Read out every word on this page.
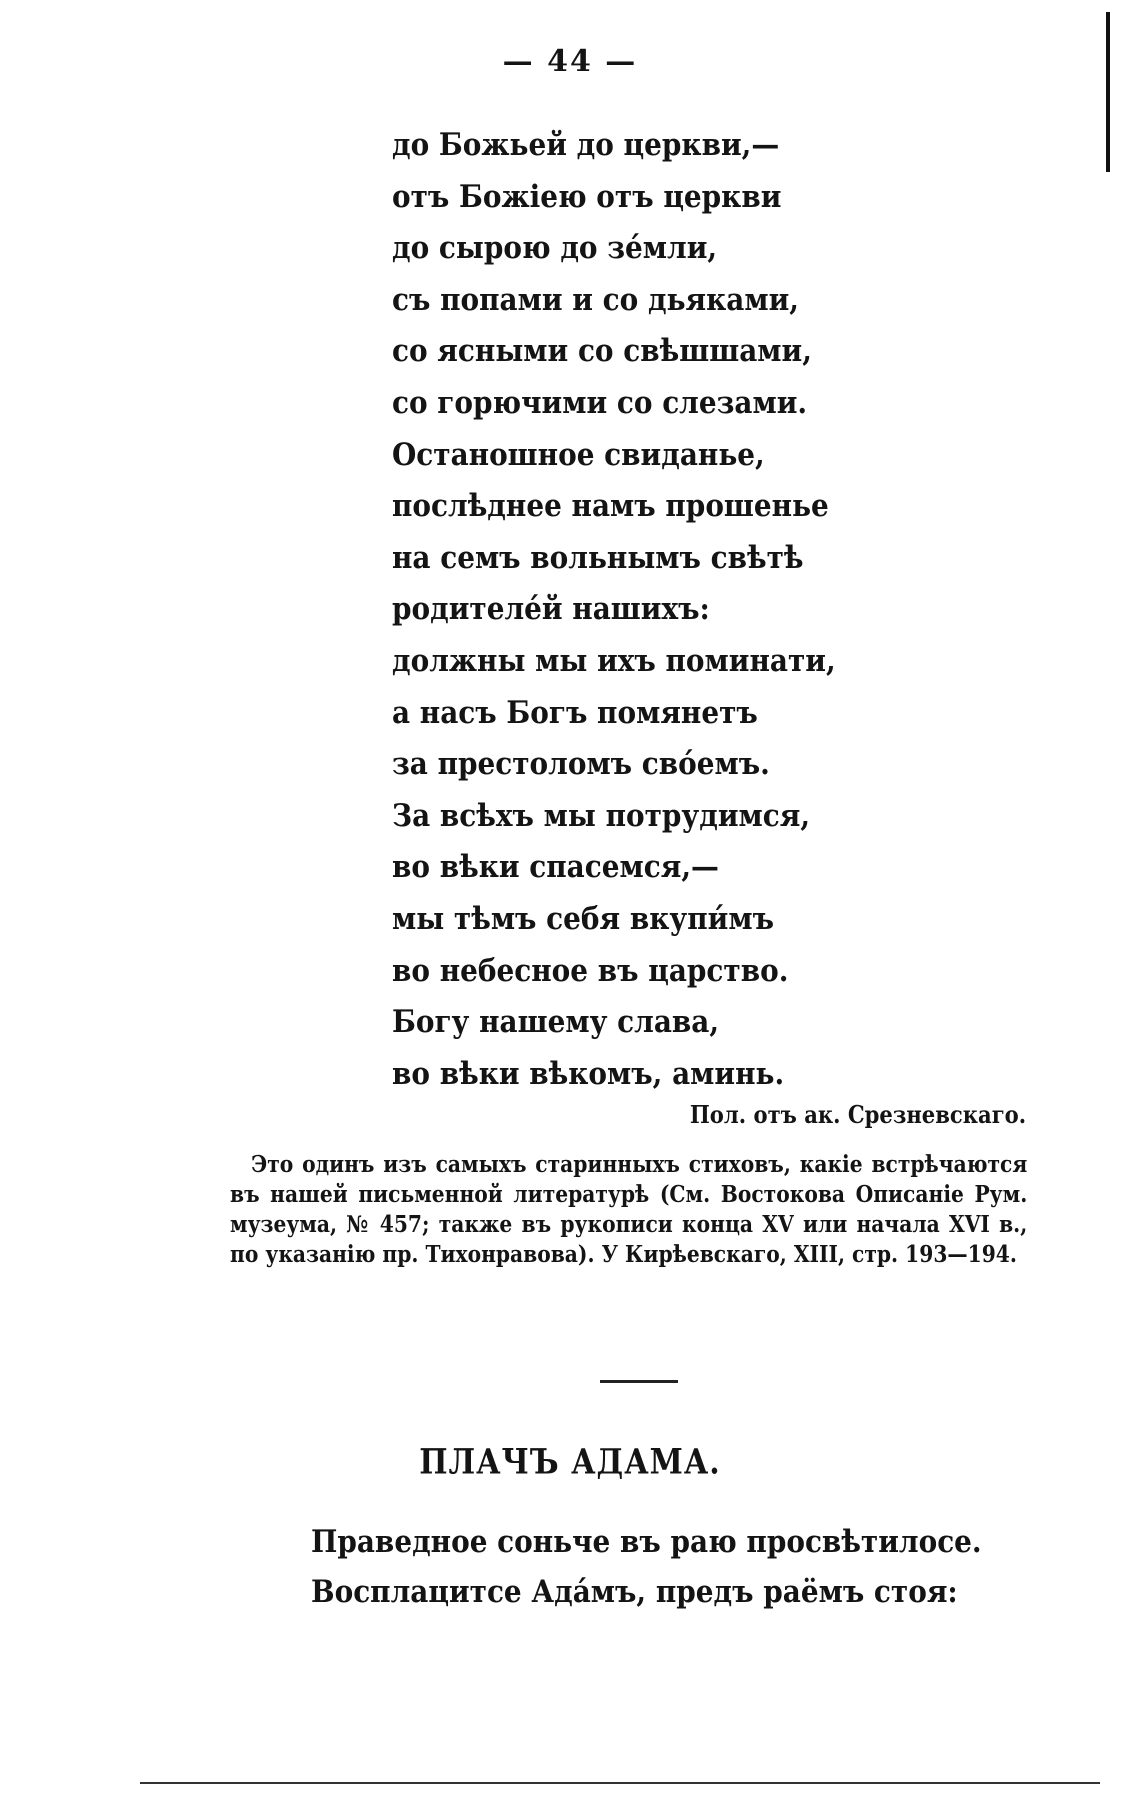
— 44 —
до Божьей до церкви,—
отъ Божіею отъ церкви
до сырою до зе́мли,
съ попами и со дьяками,
со ясными со свѣшшами,
со горючими со слезами.
Останошное свиданье,
послѣднее намъ прошенье
на семъ вольнымъ свѣтѣ
родителе́й нашихъ:
должны мы ихъ поминати,
а насъ Богъ помянетъ
за престоломъ сво́емъ.
За всѣхъ мы потрудимся,
во вѣки спасемся,—
мы тѣмъ себя вкупи́мъ
во небесное въ царство.
Богу нашему слава,
во вѣки вѣкомъ, аминь.
Пол. отъ ак. Срезневскаго.

Это одинъ изъ самыхъ старинныхъ стиховъ, какіе встрѣчаются въ нашей письменной литературѣ (См. Востокова Описаніе Рум. музеума, № 457; также въ рукописи конца XV или начала XVI в., по указанію пр. Тихонравова). У Кирѣевскаго, XIII, стр. 193—194.

ПЛАЧЪ АДАМА.
Праведное соньче въ раю просвѣтилосе.
Восплацитсе Ада́мъ, предъ раёмъ стоя:
